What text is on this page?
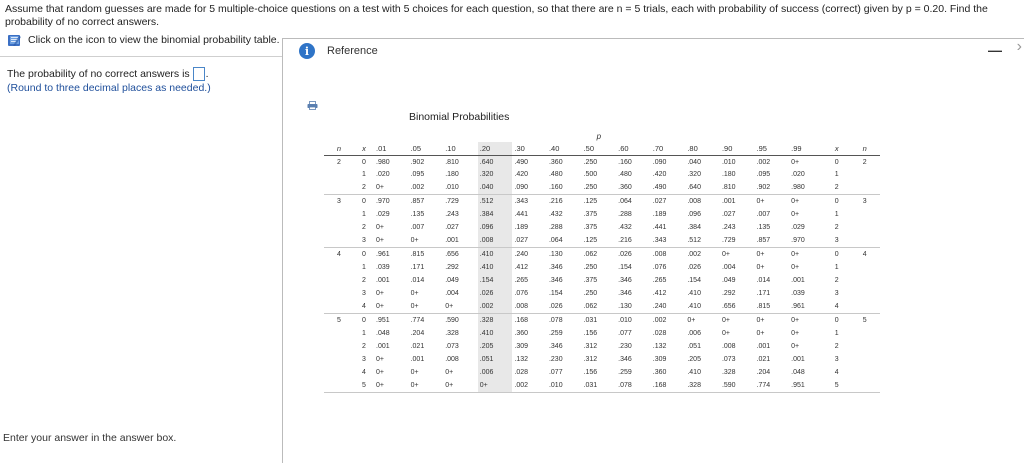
Assume that random guesses are made for 5 multiple-choice questions on a test with 5 choices for each question, so that there are n = 5 trials, each with probability of success (correct) given by p = 0.20. Find the probability of no correct answers.
Click on the icon to view the binomial probability table.
The probability of no correct answers is .
(Round to three decimal places as needed.)
Enter your answer in the answer box.
i	Reference	— ›
Binomial Probabilities
								p								
n	x	.01	.05	.10	.20	.30	.40	.50	.60	.70	.80	.90	.95	.99	x	n
2	0	.980	.902	.810	.640	.490	.360	.250	.160	.090	.040	.010	.002	0+	0	2
	1	.020	.095	.180	.320	.420	.480	.500	.480	.420	.320	.180	.095	.020	1	
	2	0+	.002	.010	.040	.090	.160	.250	.360	.490	.640	.810	.902	.980	2	
3	0	.970	.857	.729	.512	.343	.216	.125	.064	.027	.008	.001	0+	0+	0	3
	1	.029	.135	.243	.384	.441	.432	.375	.288	.189	.096	.027	.007	0+	1	
	2	0+	.007	.027	.096	.189	.288	.375	.432	.441	.384	.243	.135	.029	2	
	3	0+	0+	.001	.008	.027	.064	.125	.216	.343	.512	.729	.857	.970	3	
4	0	.961	.815	.656	.410	.240	.130	.062	.026	.008	.002	0+	0+	0+	0	4
	1	.039	.171	.292	.410	.412	.346	.250	.154	.076	.026	.004	0+	0+	1	
	2	.001	.014	.049	.154	.265	.346	.375	.346	.265	.154	.049	.014	.001	2	
	3	0+	0+	.004	.026	.076	.154	.250	.346	.412	.410	.292	.171	.039	3	
	4	0+	0+	0+	.002	.008	.026	.062	.130	.240	.410	.656	.815	.961	4	
5	0	.951	.774	.590	.328	.168	.078	.031	.010	.002	0+	0+	0+	0+	0	5
	1	.048	.204	.328	.410	.360	.259	.156	.077	.028	.006	0+	0+	0+	1	
	2	.001	.021	.073	.205	.309	.346	.312	.230	.132	.051	.008	.001	0+	2	
	3	0+	.001	.008	.051	.132	.230	.312	.346	.309	.205	.073	.021	.001	3	
	4	0+	0+	0+	.006	.028	.077	.156	.259	.360	.410	.328	.204	.048	4	
	5	0+	0+	0+	0+	.002	.010	.031	.078	.168	.328	.590	.774	.951	5	
